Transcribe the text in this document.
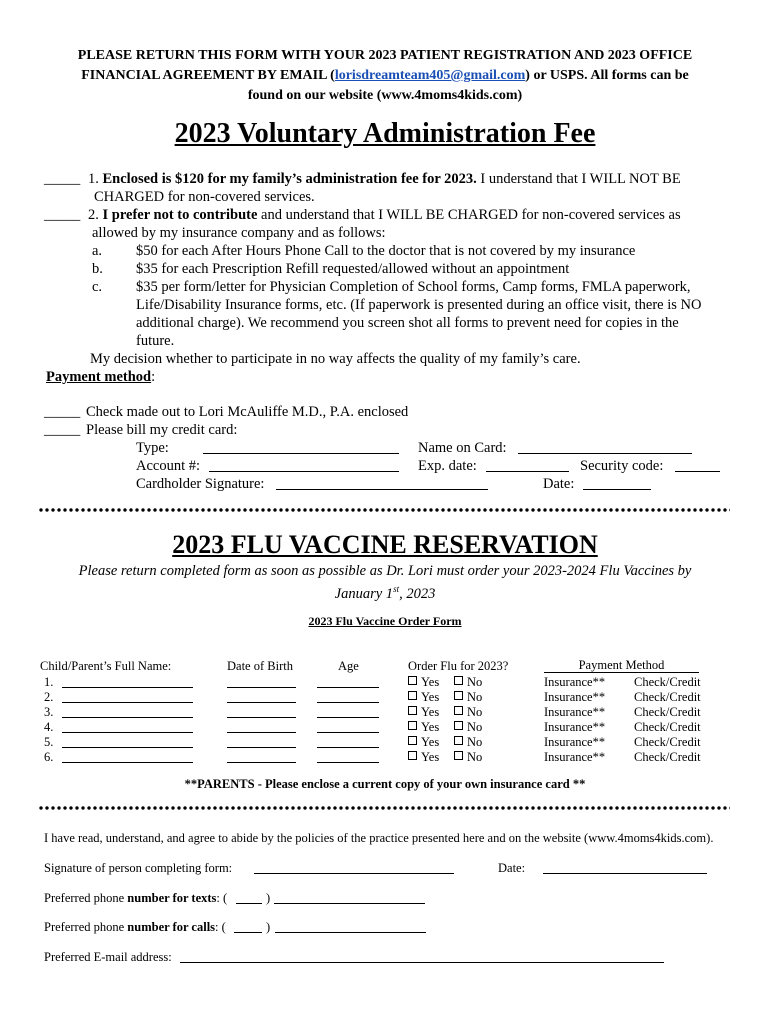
PLEASE RETURN THIS FORM WITH YOUR 2023 PATIENT REGISTRATION AND 2023 OFFICE
FINANCIAL AGREEMENT BY EMAIL (lorisdreamteam405@gmail.com) or USPS. All forms can be
found on our website (www.4moms4kids.com)
2023 Voluntary Administration Fee
_____ 1. Enclosed is $120 for my family’s administration fee for 2023. I understand that I WILL NOT BE
CHARGED for non-covered services.
_____ 2. I prefer not to contribute and understand that I WILL BE CHARGED for non-covered services as
allowed by my insurance company and as follows:
a. $50 for each After Hours Phone Call to the doctor that is not covered by my insurance
b. $35 for each Prescription Refill requested/allowed without an appointment
c. $35 per form/letter for Physician Completion of School forms, Camp forms, FMLA paperwork,
Life/Disability Insurance forms, etc. (If paperwork is presented during an office visit, there is NO
additional charge). We recommend you screen shot all forms to prevent need for copies in the
future.
My decision whether to participate in no way affects the quality of my family’s care.
Payment method:
_____ Check made out to Lori McAuliffe M.D., P.A. enclosed
_____ Please bill my credit card:
Type:	Name on Card:
Account #:	Exp. date:	Security code:
Cardholder Signature:	Date:
2023 FLU VACCINE RESERVATION
Please return completed form as soon as possible as Dr. Lori must order your 2023-2024 Flu Vaccines by
January 1st, 2023
2023 Flu Vaccine Order Form
Child/Parent’s Full Name:	Date of Birth	Age	Order Flu for 2023?	Payment Method
1.	Yes	No	Insurance** Check/Credit
2.	Yes	No	Insurance** Check/Credit
3.	Yes	No	Insurance** Check/Credit
4.	Yes	No	Insurance** Check/Credit
5.	Yes	No	Insurance** Check/Credit
6.	Yes	No	Insurance** Check/Credit
**PARENTS - Please enclose a current copy of your own insurance card **
I have read, understand, and agree to abide by the policies of the practice presented here and on the website (www.4moms4kids.com).
Signature of person completing form:	Date:
Preferred phone number for texts: (	)
Preferred phone number for calls: (	)
Preferred E-mail address:
